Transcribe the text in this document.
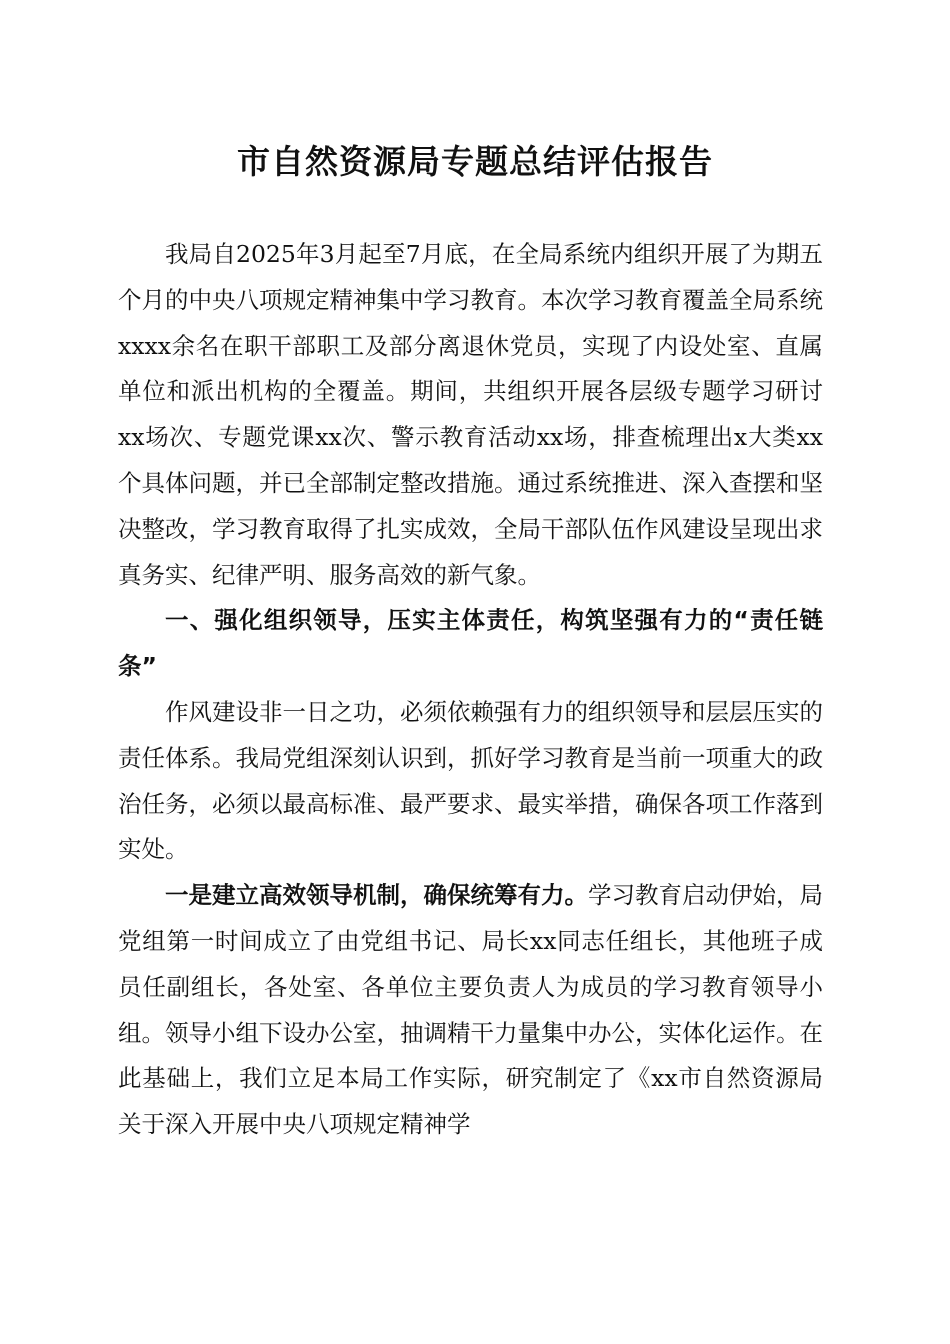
市自然资源局专题总结评估报告

我局自2025年3月起至7月底，在全局系统内组织开展了为期五个月的中央八项规定精神集中学习教育。本次学习教育覆盖全局系统xxxx余名在职干部职工及部分离退休党员，实现了内设处室、直属单位和派出机构的全覆盖。期间，共组织开展各层级专题学习研讨xx场次、专题党课xx次、警示教育活动xx场，排查梳理出x大类xx个具体问题，并已全部制定整改措施。通过系统推进、深入查摆和坚决整改，学习教育取得了扎实成效，全局干部队伍作风建设呈现出求真务实、纪律严明、服务高效的新气象。

一、强化组织领导，压实主体责任，构筑坚强有力的“责任链条”

作风建设非一日之功，必须依赖强有力的组织领导和层层压实的责任体系。我局党组深刻认识到，抓好学习教育是当前一项重大的政治任务，必须以最高标准、最严要求、最实举措，确保各项工作落到实处。

一是建立高效领导机制，确保统筹有力。学习教育启动伊始，局党组第一时间成立了由党组书记、局长xx同志任组长，其他班子成员任副组长，各处室、各单位主要负责人为成员的学习教育领导小组。领导小组下设办公室，抽调精干力量集中办公，实体化运作。在此基础上，我们立足本局工作实际，研究制定了《xx市自然资源局关于深入开展中央八项规定精神学
